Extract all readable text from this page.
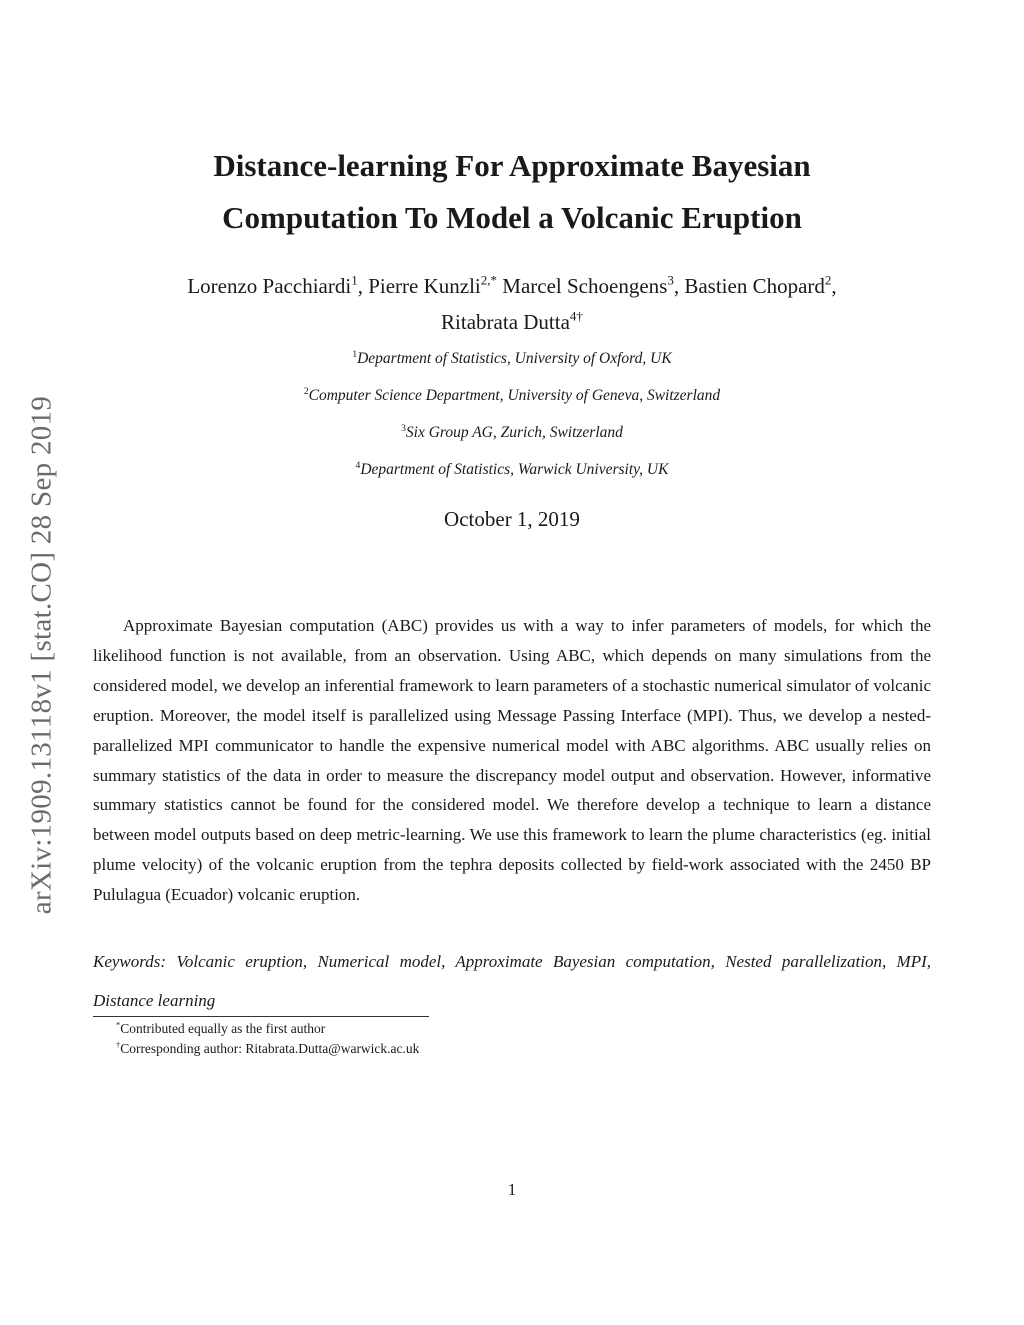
arXiv:1909.13118v1 [stat.CO] 28 Sep 2019
Distance-learning For Approximate Bayesian
Computation To Model a Volcanic Eruption
Lorenzo Pacchiardi$^1$, Pierre Kunzli$^{2,*}$ Marcel Schoengens$^3$, Bastien Chopard$^2$,
Ritabrata Dutta$^{4\dagger}$
$^1$Department of Statistics, University of Oxford, UK
$^2$Computer Science Department, University of Geneva, Switzerland
$^3$Six Group AG, Zurich, Switzerland
$^4$Department of Statistics, Warwick University, UK
October 1, 2019

Approximate Bayesian computation (ABC) provides us with a way to infer parameters of models, for which the likelihood function is not available, from an observation. Using ABC, which depends on many simulations from the considered model, we develop an inferential framework to learn parameters of a stochastic numerical simulator of volcanic eruption. Moreover, the model itself is parallelized using Message Passing Interface (MPI). Thus, we develop a nested-parallelized MPI communicator to handle the expensive numerical model with ABC algorithms. ABC usually relies on summary statistics of the data in order to measure the discrepancy model output and observation. However, informative summary statistics cannot be found for the considered model. We therefore develop a technique to learn a distance between model outputs based on deep metric-learning. We use this framework to learn the plume characteristics (eg. initial plume velocity) of the volcanic eruption from the tephra deposits collected by field-work associated with the 2450 BP Pululagua (Ecuador) volcanic eruption.

Keywords: Volcanic eruption, Numerical model, Approximate Bayesian computation, Nested parallelization, MPI, Distance learning

*Contributed equally as the first author
†Corresponding author: Ritabrata.Dutta@warwick.ac.uk
1
